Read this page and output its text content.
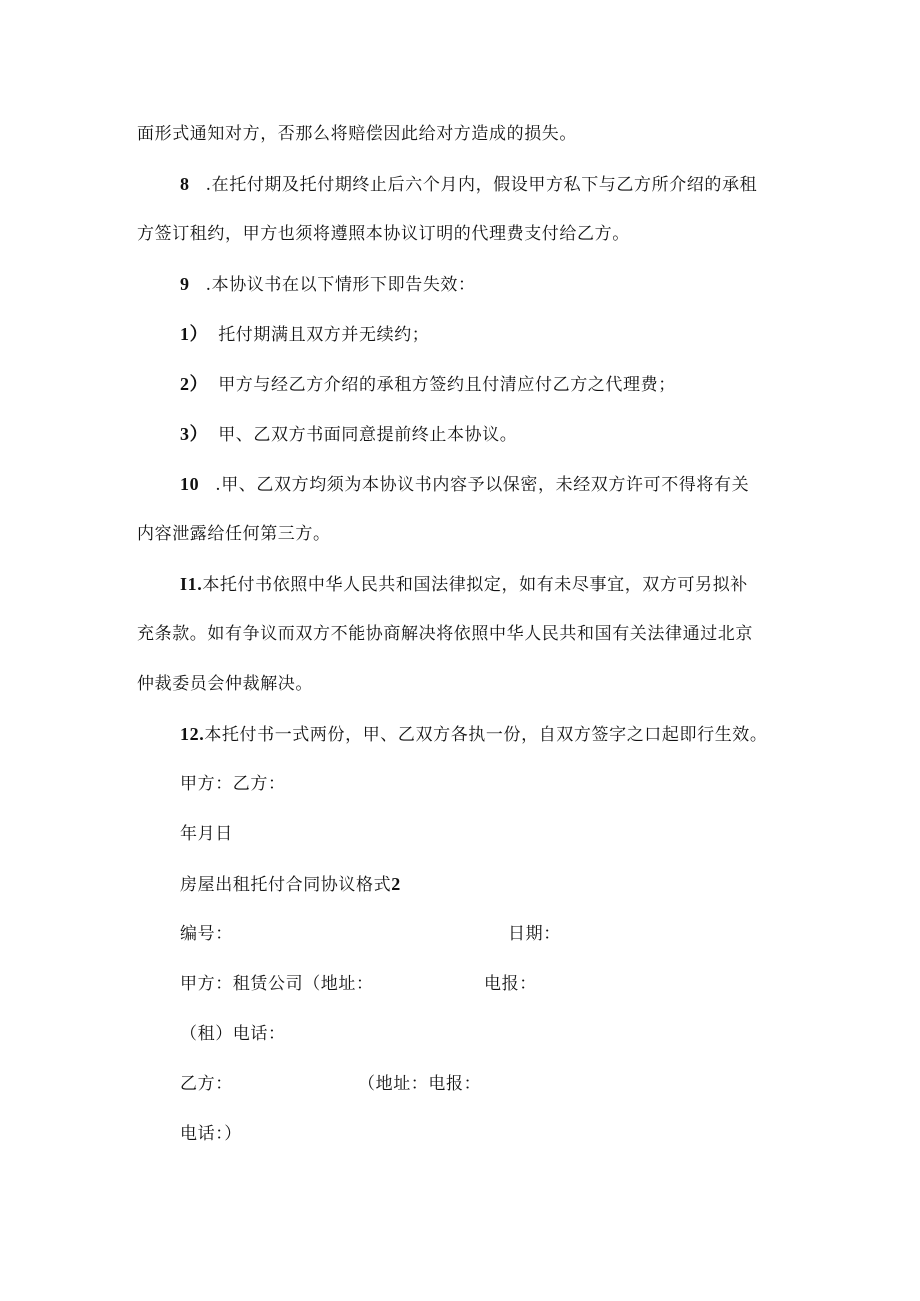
面形式通知对方，否那么将赔偿因此给对方造成的损失。
8 .在托付期及托付期终止后六个月内，假设甲方私下与乙方所介绍的承租
方签订租约，甲方也须将遵照本协议订明的代理费支付给乙方。
9 .本协议书在以下情形下即告失效：
1） 托付期满且双方并无续约；
2） 甲方与经乙方介绍的承租方签约且付清应付乙方之代理费；
3） 甲、乙双方书面同意提前终止本协议。
10 .甲、乙双方均须为本协议书内容予以保密，未经双方许可不得将有关
内容泄露给任何第三方。
I1.本托付书依照中华人民共和国法律拟定，如有未尽事宜，双方可另拟补
充条款。如有争议而双方不能协商解决将依照中华人民共和国有关法律通过北京
仲裁委员会仲裁解决。
12.本托付书一式两份，甲、乙双方各执一份，自双方签字之口起即行生效。
甲方：乙方：
年月日
房屋出租托付合同协议格式2
编号：	日期：
甲方：租赁公司（地址：	电报：
（租）电话：
乙方：	（地址：电报：
电话：）
